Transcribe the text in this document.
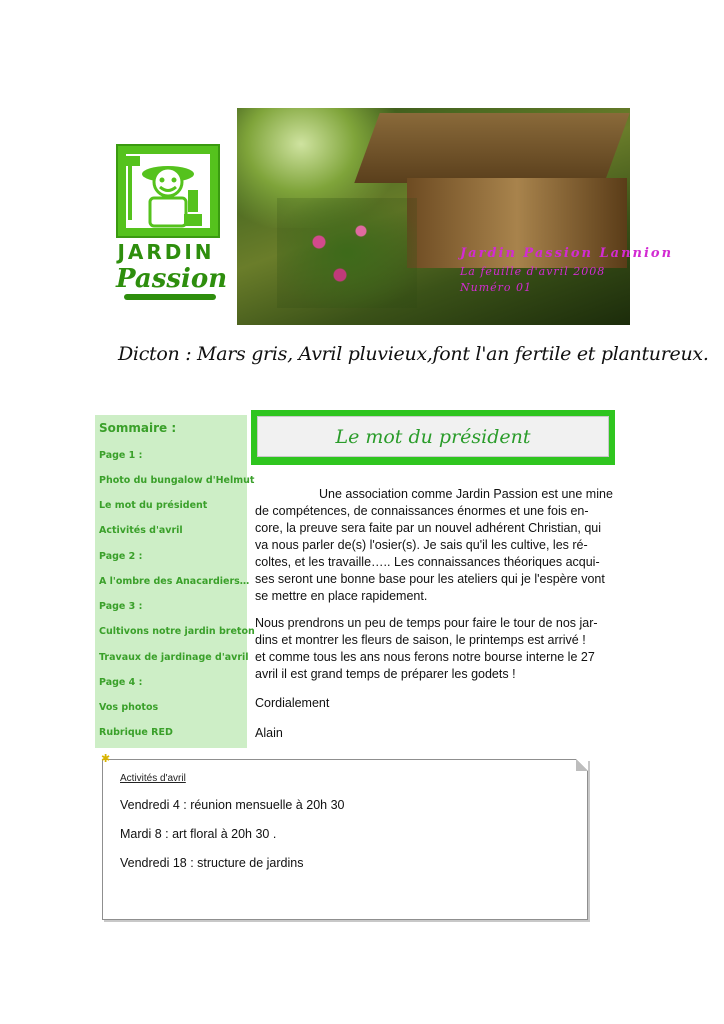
JARDIN
Passion
Jardin Passion Lannion
La feuille d'avril 2008
Numéro 01
Dicton : Mars gris, Avril pluvieux,font l'an fertile et plantureux.
Sommaire :
Page 1 :
Photo du bungalow d'Helmut
Le mot du président
Activités d'avril
Page 2 :
A l'ombre des Anacardiers…
Page 3 :
Cultivons notre jardin breton
Travaux de jardinage d'avril
Page 4 :
Vos photos
Rubrique RED
Le mot du président
Une association comme Jardin Passion est une mine
de compétences, de connaissances énormes et une fois en-
core, la preuve sera faite par un nouvel adhérent Christian, qui
va nous parler de(s) l'osier(s). Je sais qu'il les cultive, les ré-
coltes, et les travaille….. Les connaissances théoriques acqui-
ses seront une bonne base pour les ateliers qui je l'espère vont
se mettre en place rapidement.
Nous prendrons un peu de temps pour faire le tour de nos jar-
dins et montrer les fleurs de saison, le printemps est arrivé !
et comme tous les ans nous ferons notre bourse interne le 27
avril il est grand temps de préparer les godets !
Cordialement
Alain
✱
Activités d'avril
Vendredi 4 : réunion mensuelle à 20h 30
Mardi 8 : art floral à 20h 30 .
Vendredi 18 : structure de jardins
